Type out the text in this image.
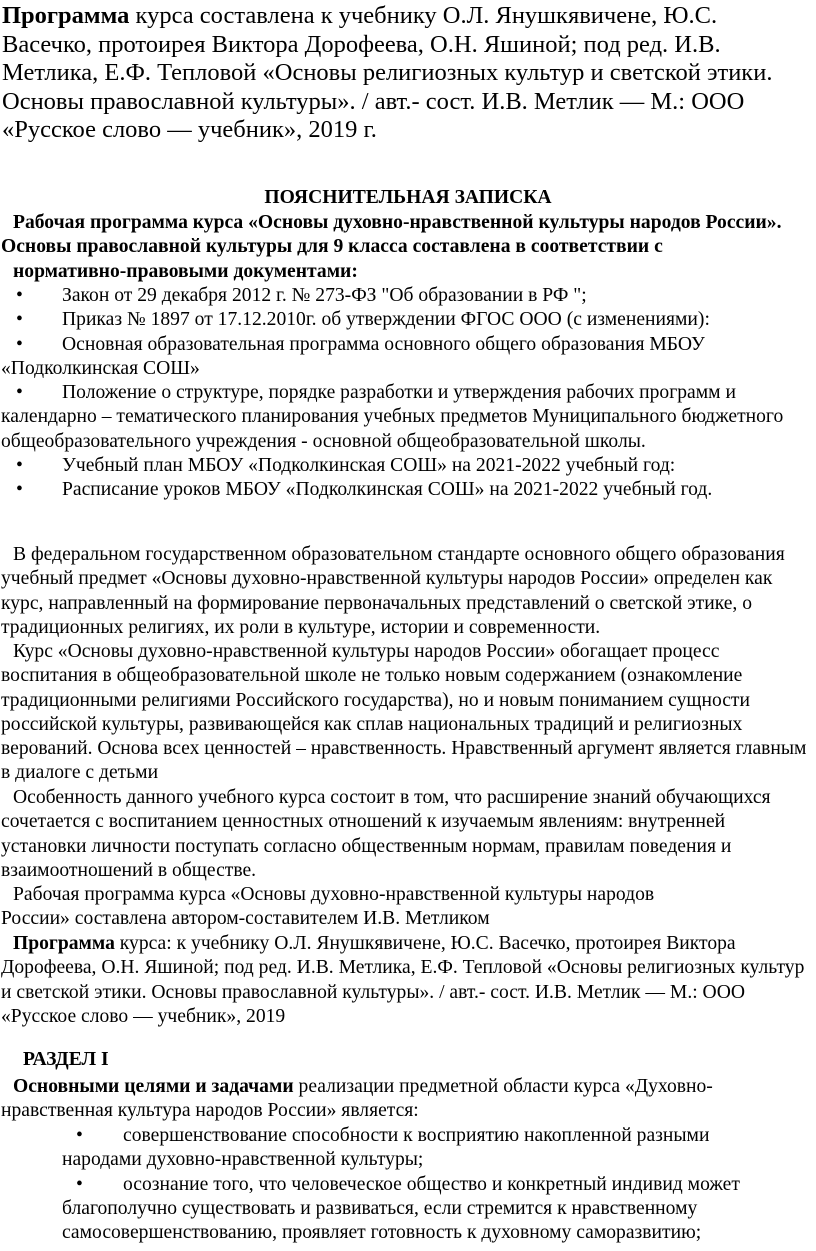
Программа курса составлена к учебнику О.Л. Янушкявичене, Ю.С. Васечко, протоирея Виктора Дорофеева, О.Н. Яшиной; под ред. И.В. Метлика, Е.Ф. Тепловой «Основы религиозных культур и светской этики. Основы православной культуры». / авт.- сост. И.В. Метлик — М.: ООО «Русское слово — учебник», 2019 г.

ПОЯСНИТЕЛЬНАЯ ЗАПИСКА

Рабочая программа курса «Основы духовно-нравственной культуры народов России». Основы православной культуры для 9 класса составлена в соответствии с
нормативно-правовыми документами:

• Закон от 29 декабря 2012 г. № 273-ФЗ "Об образовании в РФ ";
• Приказ № 1897 от 17.12.2010г. об утверждении ФГОС ООО (с изменениями):
• Основная образовательная программа основного общего образования МБОУ «Подколкинская СОШ»
• Положение о структуре, порядке разработки и утверждения рабочих программ и календарно – тематического планирования учебных предметов Муниципального бюджетного общеобразовательного учреждения - основной общеобразовательной школы.
• Учебный план МБОУ «Подколкинская СОШ» на 2021-2022 учебный год:
• Расписание уроков МБОУ «Подколкинская СОШ» на 2021-2022 учебный год.

В федеральном государственном образовательном стандарте основного общего образования учебный предмет «Основы духовно-нравственной культуры народов России» определен как курс, направленный на формирование первоначальных представлений о светской этике, о традиционных религиях, их роли в культуре, истории и современности.

Курс «Основы духовно-нравственной культуры народов России» обогащает процесс воспитания в общеобразовательной школе не только новым содержанием (ознакомление традиционными религиями Российского государства), но и новым пониманием сущности российской культуры, развивающейся как сплав национальных традиций и религиозных верований. Основа всех ценностей – нравственность. Нравственный аргумент является главным в диалоге с детьми

Особенность данного учебного курса состоит в том, что расширение знаний обучающихся сочетается с воспитанием ценностных отношений к изучаемым явлениям: внутренней установки личности поступать согласно общественным нормам, правилам поведения и взаимоотношений в обществе.

Рабочая программа курса «Основы духовно-нравственной культуры народов
России» составлена автором-составителем И.В. Метликом

Программа курса: к учебнику О.Л. Янушкявичене, Ю.С. Васечко, протоирея Виктора Дорофеева, О.Н. Яшиной; под ред. И.В. Метлика, Е.Ф. Тепловой «Основы религиозных культур и светской этики. Основы православной культуры». / авт.- сост. И.В. Метлик — М.: ООО «Русское слово — учебник», 2019

РАЗДЕЛ I

Основными целями и задачами реализации предметной области курса «Духовно-нравственная культура народов России» является:

• совершенствование способности к восприятию накопленной разными народами духовно-нравственной культуры;
• осознание того, что человеческое общество и конкретный индивид может благополучно существовать и развиваться, если стремится к нравственному самосовершенствованию, проявляет готовность к духовному саморазвитию;
